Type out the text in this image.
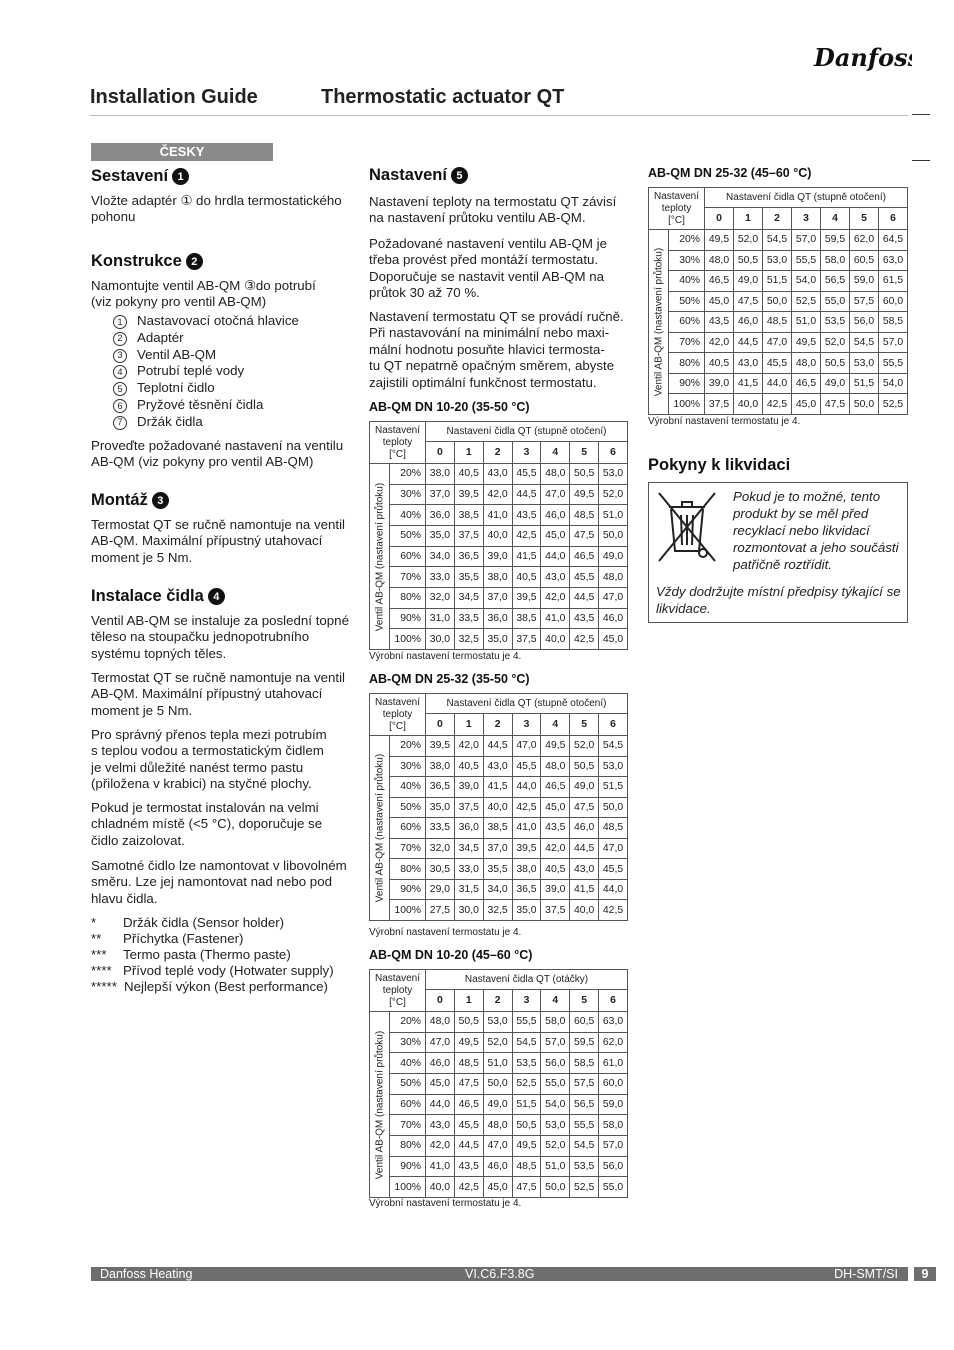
Danfoss
Installation Guide	Thermostatic actuator QT
ČESKY
Sestavení 1
Vložte adaptér ① do hrdla termostatického
pohonu
Konstrukce 2
Namontujte ventil AB-QM ③do potrubí
(viz pokyny pro ventil AB-QM)
1	Nastavovací otočná hlavice
2	Adaptér
3	Ventil AB-QM
4	Potrubí teplé vody
5	Teplotní čidlo
6	Pryžové těsnění čidla
7	Držák čidla
Proveďte požadované nastavení na ventilu
AB-QM (viz pokyny pro ventil AB-QM)
Montáž 3
Termostat QT se ručně namontuje na ventil
AB-QM. Maximální přípustný utahovací
moment je 5 Nm.
Instalace čidla 4
Ventil AB-QM se instaluje za poslední topné
těleso na stoupačku jednopotrubního
systému topných těles.
Termostat QT se ručně namontuje na ventil
AB-QM. Maximální přípustný utahovací
moment je 5 Nm.
Pro správný přenos tepla mezi potrubím
s teplou vodou a termostatickým čidlem
je velmi důležité nanést termo pastu
(přiložena v krabici) na styčné plochy.
Pokud je termostat instalován na velmi
chladném místě (<5 °C), doporučuje se
čidlo zaizolovat.
Samotné čidlo lze namontovat v libovolném
směru. Lze jej namontovat nad nebo pod
hlavu čidla.
*	Držák čidla (Sensor holder)
**	Příchytka (Fastener)
***	Termo pasta (Thermo paste)
**** Přívod teplé vody (Hotwater supply)
***** Nejlepší výkon (Best performance)
Nastavení 5
Nastavení teploty na termostatu QT závisí
na nastavení průtoku ventilu AB-QM.
Požadované nastavení ventilu AB-QM je
třeba provést před montáží termostatu.
Doporučuje se nastavit ventil AB-QM na
průtok 30 až 70 %.
Nastavení termostatu QT se provádí ručně.
Při nastavování na minimální nebo maxi-
mální hodnotu posuňte hlavici termosta-
tu QT nepatrně opačným směrem, abyste
zajistili optimální funkčnost termostatu.
AB-QM DN 10-20 (35-50 °C)
Nastavení
teploty
[°C]		Nastavení čidla QT (stupně otočení)						
		0	1	2	3	4	5	6

Ventil AB-QM (nastavení průtoku)	20%	38,0	40,5	43,0	45,5	48,0	50,5	53,0
	30%	37,0	39,5	42,0	44,5	47,0	49,5	52,0
	40%	36,0	38,5	41,0	43,5	46,0	48,5	51,0
	50%	35,0	37,5	40,0	42,5	45,0	47,5	50,0
	60%	34,0	36,5	39,0	41,5	44,0	46,5	49,0
	70%	33,0	35,5	38,0	40,5	43,0	45,5	48,0
	80%	32,0	34,5	37,0	39,5	42,0	44,5	47,0
	90%	31,0	33,5	36,0	38,5	41,0	43,5	46,0
	100%	30,0	32,5	35,0	37,5	40,0	42,5	45,0
Výrobní nastavení termostatu je 4.
AB-QM DN 25-32 (35-50 °C)
Nastavení
teploty
[°C]		Nastavení čidla QT (stupně otočení)						
		0	1	2	3	4	5	6

Ventil AB-QM (nastavení průtoku)	20%	39,5	42,0	44,5	47,0	49,5	52,0	54,5
	30%	38,0	40,5	43,0	45,5	48,0	50,5	53,0
	40%	36,5	39,0	41,5	44,0	46,5	49,0	51,5
	50%	35,0	37,5	40,0	42,5	45,0	47,5	50,0
	60%	33,5	36,0	38,5	41,0	43,5	46,0	48,5
	70%	32,0	34,5	37,0	39,5	42,0	44,5	47,0
	80%	30,5	33,0	35,5	38,0	40,5	43,0	45,5
	90%	29,0	31,5	34,0	36,5	39,0	41,5	44,0
	100%	27,5	30,0	32,5	35,0	37,5	40,0	42,5
Výrobní nastavení termostatu je 4.
AB-QM DN 10-20 (45–60 °C)
Nastavení
teploty
[°C]		Nastavení čidla QT (otáčky)						
		0	1	2	3	4	5	6

Ventil AB-QM (nastavení průtoku)	20%	48,0	50,5	53,0	55,5	58,0	60,5	63,0
	30%	47,0	49,5	52,0	54,5	57,0	59,5	62,0
	40%	46,0	48,5	51,0	53,5	56,0	58,5	61,0
	50%	45,0	47,5	50,0	52,5	55,0	57,5	60,0
	60%	44,0	46,5	49,0	51,5	54,0	56,5	59,0
	70%	43,0	45,5	48,0	50,5	53,0	55,5	58,0
	80%	42,0	44,5	47,0	49,5	52,0	54,5	57,0
	90%	41,0	43,5	46,0	48,5	51,0	53,5	56,0
	100%	40,0	42,5	45,0	47,5	50,0	52,5	55,0
Výrobní nastavení termostatu je 4.
AB-QM DN 25-32 (45–60 °C)
Nastavení
teploty
[°C]		Nastavení čidla QT (stupně otočení)						
		0	1	2	3	4	5	6

Ventil AB-QM (nastavení průtoku)	20%	49,5	52,0	54,5	57,0	59,5	62,0	64,5
	30%	48,0	50,5	53,0	55,5	58,0	60,5	63,0
	40%	46,5	49,0	51,5	54,0	56,5	59,0	61,5
	50%	45,0	47,5	50,0	52,5	55,0	57,5	60,0
	60%	43,5	46,0	48,5	51,0	53,5	56,0	58,5
	70%	42,0	44,5	47,0	49,5	52,0	54,5	57,0
	80%	40,5	43,0	45,5	48,0	50,5	53,0	55,5
	90%	39,0	41,5	44,0	46,5	49,0	51,5	54,0
	100%	37,5	40,0	42,5	45,0	47,5	50,0	52,5
Výrobní nastavení termostatu je 4.
Pokyny k likvidaci
Pokud je to možné, tento
produkt by se měl před
recyklací nebo likvidací
rozmontovat a jeho součásti
patřičně roztřídit.
Vždy dodržujte místní předpisy týkající se
likvidace.
Danfoss Heating	VI.C6.F3.8G	DH-SMT/SI	9
